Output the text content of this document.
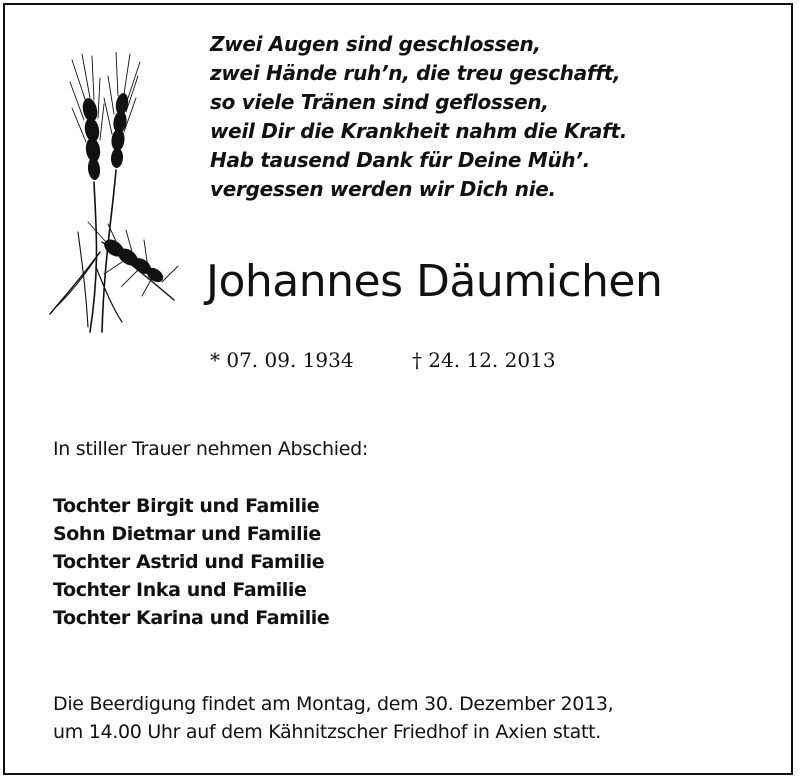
Zwei Augen sind geschlossen,
zwei Hände ruh’n, die treu geschafft,
so viele Tränen sind geflossen,
weil Dir die Krankheit nahm die Kraft.
Hab tausend Dank für Deine Müh’.
vergessen werden wir Dich nie.
Johannes Däumichen
* 07. 09. 1934	† 24. 12. 2013
In stiller Trauer nehmen Abschied:
Tochter Birgit und Familie
Sohn Dietmar und Familie
Tochter Astrid und Familie
Tochter Inka und Familie
Tochter Karina und Familie
Die Beerdigung findet am Montag, dem 30. Dezember 2013,
um 14.00 Uhr auf dem Kähnitzscher Friedhof in Axien statt.
